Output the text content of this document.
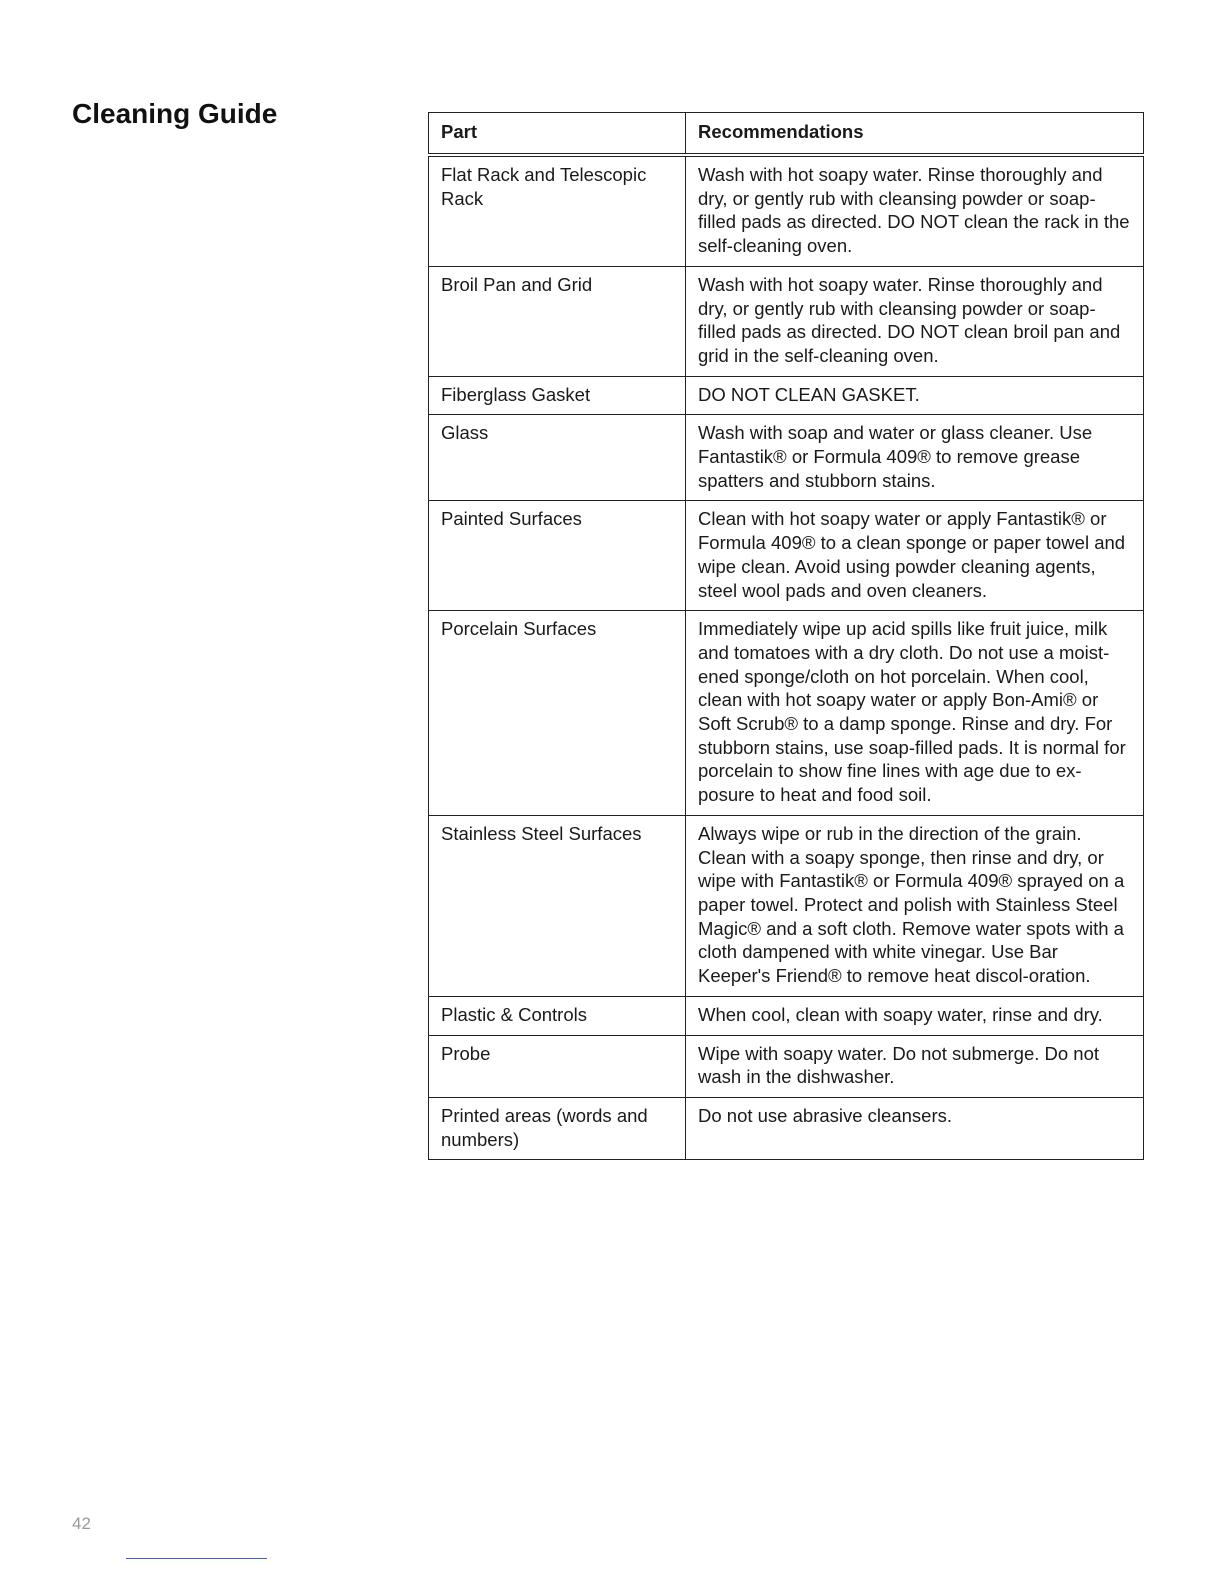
Cleaning Guide
Part	Recommendations
Flat Rack and Telescopic Rack	Wash with hot soapy water. Rinse thoroughly and dry, or gently rub with cleansing powder or soap-filled pads as directed. DO NOT clean the rack in the self-cleaning oven.
Broil Pan and Grid	Wash with hot soapy water. Rinse thoroughly and dry, or gently rub with cleansing powder or soap-filled pads as directed. DO NOT clean broil pan and grid in the self-cleaning oven.
Fiberglass Gasket	DO NOT CLEAN GASKET.
Glass	Wash with soap and water or glass cleaner. Use Fantastik® or Formula 409® to remove grease spatters and stubborn stains.
Painted Surfaces	Clean with hot soapy water or apply Fantastik® or Formula 409® to a clean sponge or paper towel and wipe clean. Avoid using powder cleaning agents, steel wool pads and oven cleaners.
Porcelain Surfaces	Immediately wipe up acid spills like fruit juice, milk and tomatoes with a dry cloth. Do not use a moist-ened sponge/cloth on hot porcelain. When cool, clean with hot soapy water or apply Bon-Ami® or Soft Scrub® to a damp sponge. Rinse and dry. For stubborn stains, use soap-filled pads. It is normal for porcelain to show fine lines with age due to ex-posure to heat and food soil.
Stainless Steel Surfaces	Always wipe or rub in the direction of the grain. Clean with a soapy sponge, then rinse and dry, or wipe with Fantastik® or Formula 409® sprayed on a paper towel. Protect and polish with Stainless Steel Magic® and a soft cloth. Remove water spots with a cloth dampened with white vinegar. Use Bar Keeper's Friend® to remove heat discol-oration.
Plastic & Controls	When cool, clean with soapy water, rinse and dry.
Probe	Wipe with soapy water. Do not submerge. Do not wash in the dishwasher.
Printed areas (words and numbers)	Do not use abrasive cleansers.
42
